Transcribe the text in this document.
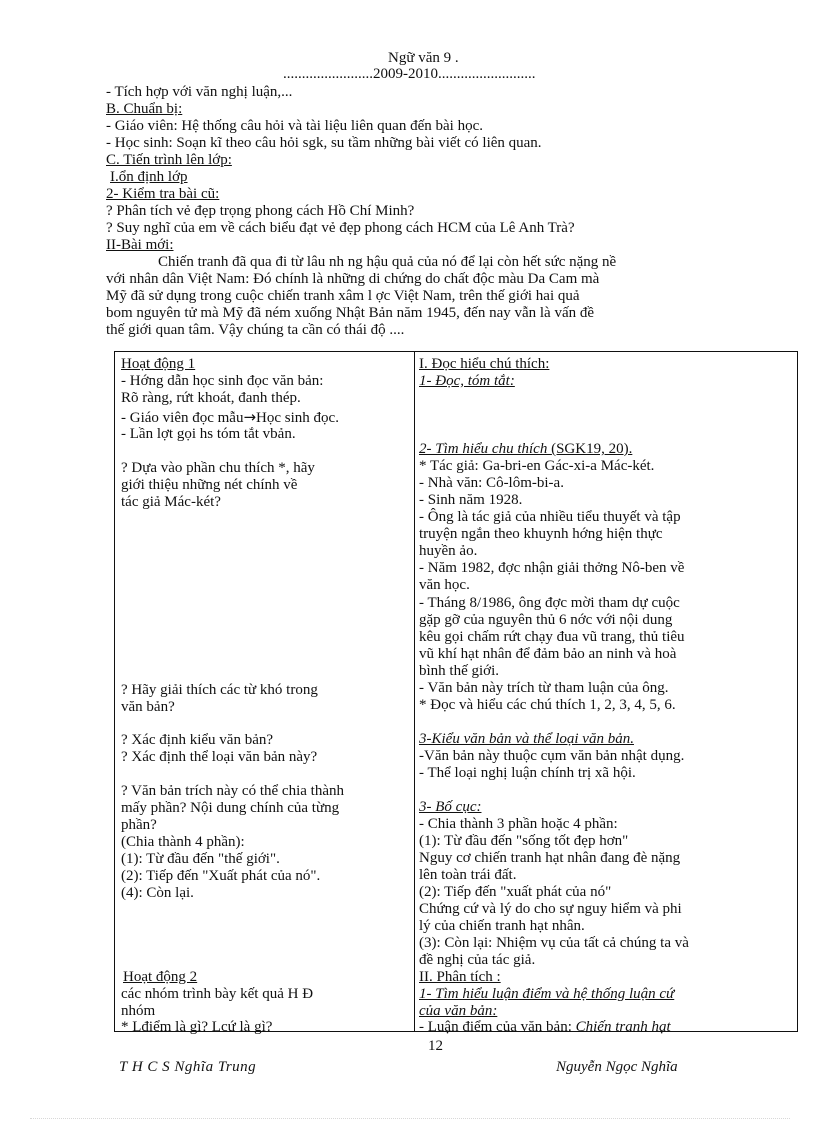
Ngữ văn 9 .
........................2009-2010..........................
- Tích hợp với văn nghị luận,...
B. Chuẩn bị:
- Giáo viên: Hệ thống câu hỏi và tài liệu liên quan đến bài học.
- Học sinh: Soạn kĩ theo câu hỏi sgk, su tầm những bài viết có liên quan.
C. Tiến trình lên lớp:
I.ổn định lớp
2- Kiểm tra bài cũ:
? Phân tích vẻ đẹp trọng phong cách Hồ Chí Minh?
? Suy nghĩ của em về cách biểu đạt vẻ đẹp phong cách HCM của Lê Anh Trà?
II-Bài mới:
Chiến tranh đã qua đi từ lâu nh ng hậu quả của nó để lại còn hết sức nặng nề
với nhân dân Việt Nam: Đó chính là những di chứng do chất độc màu Da Cam mà
Mỹ đã sử dụng trong cuộc chiến tranh xâm l ợc Việt Nam, trên thế giới hai quả
bom nguyên tử mà Mỹ đã ném xuống Nhật Bản năm 1945, đến nay vẫn là vấn đề
thế giới quan tâm. Vậy chúng ta cần có thái độ ....
Hoạt động 1
- Hớng dẫn học sinh đọc văn bản:
Rõ ràng, rứt khoát, đanh thép.
- Giáo viên đọc mẫu→Học sinh đọc.
- Lần lợt gọi hs tóm tắt vbản.
? Dựa vào phần chu thích *, hãy
giới thiệu những nét chính về
tác giả Mác-két?
? Hãy giải thích các từ khó trong
văn bản?
? Xác định kiểu văn bản?
? Xác định thể loại văn bản này?
? Văn bản trích này có thể chia thành
mấy phần? Nội dung chính của từng
phần?
(Chia thành 4 phần):
(1): Từ đầu đến "thế giới".
(2): Tiếp đến "Xuất phát của nó".
(4): Còn lại.
Hoạt động 2
các nhóm trình bày kết quả H Đ
nhóm
* Lđiểm là gì? Lcứ là gì?
I. Đọc hiểu chú thích:
1- Đọc, tóm tắt:
2- Tìm hiểu chu thích (SGK19, 20).
* Tác giả: Ga-bri-en Gác-xi-a Mác-két.
- Nhà văn: Cô-lôm-bi-a.
- Sinh năm 1928.
- Ông là tác giả của nhiều tiểu thuyết và tập
truyện ngắn theo khuynh hớng hiện thực
huyền ảo.
- Năm 1982, đợc nhận giải thởng Nô-ben về
văn học.
- Tháng 8/1986, ông đợc mời tham dự cuộc
gặp gỡ của nguyên thủ 6 nớc với nội dung
kêu gọi chấm rứt chạy đua vũ trang, thủ tiêu
vũ khí hạt nhân để đảm bảo an ninh và hoà
bình thế giới.
- Văn bản này trích từ tham luận của ông.
* Đọc và hiểu các chú thích 1, 2, 3, 4, 5, 6.
3-Kiểu văn bản và thể loại văn bản.
-Văn bản này thuộc cụm văn bản nhật dụng.
- Thể loại nghị luận chính trị xã hội.
3- Bố cục:
- Chia thành 3 phần hoặc 4 phần:
(1): Từ đầu đến "sống tốt đẹp hơn"
Nguy cơ chiến tranh hạt nhân đang đè nặng
lên toàn trái đất.
(2): Tiếp đến "xuất phát của nó"
Chứng cứ và lý do cho sự nguy hiểm và phi
lý của chiến tranh hạt nhân.
(3): Còn lại: Nhiệm vụ của tất cả chúng ta và
đề nghị của tác giả.
II. Phân tích :
1- Tìm hiểu luận điểm và hệ thống luận cứ
của văn bản:
- Luận điểm của văn bản: Chiến tranh hạt
12
T H C S Nghĩa Trung	Nguyễn Ngọc Nghĩa
